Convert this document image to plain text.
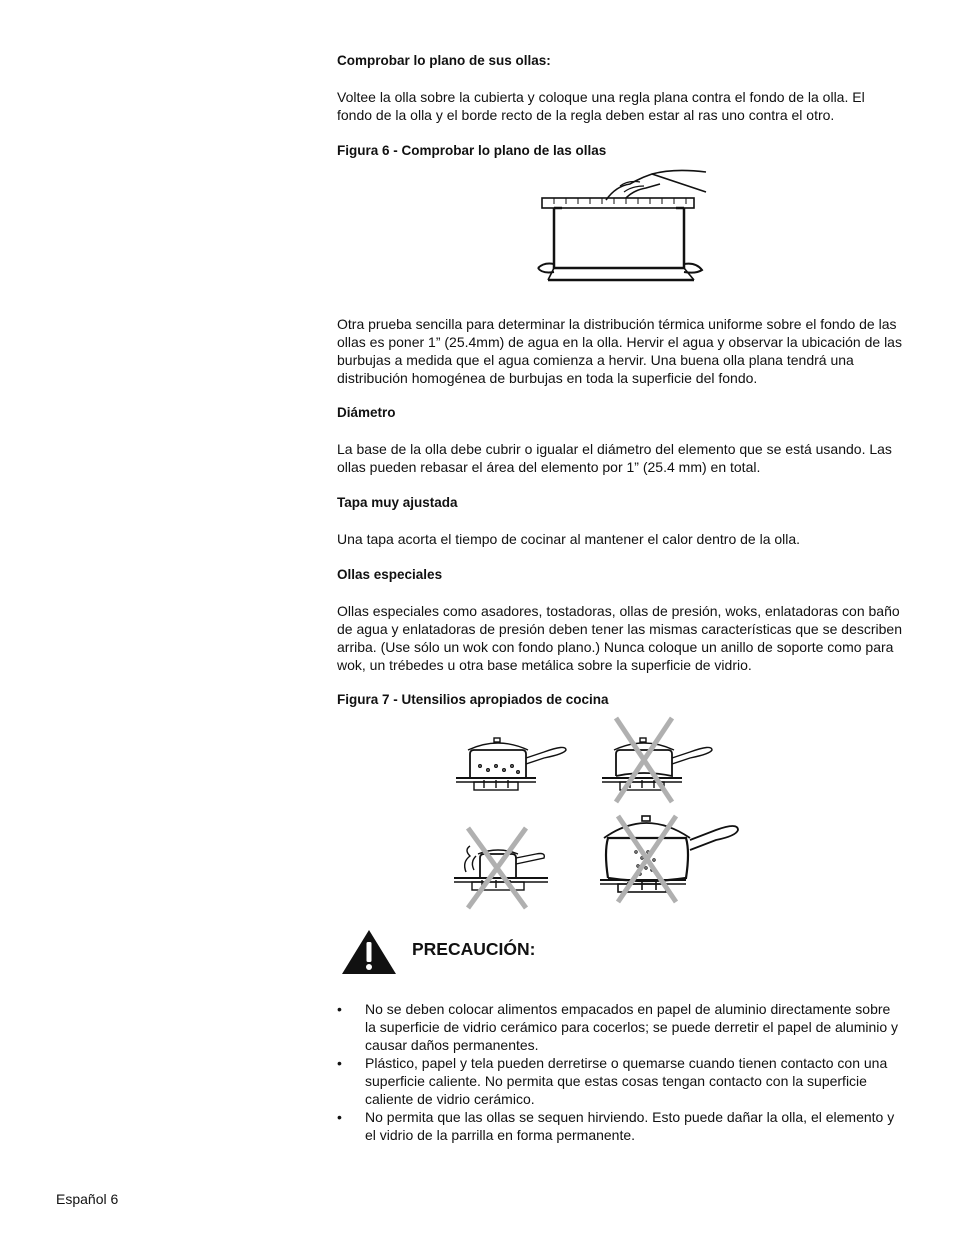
Comprobar lo plano de sus ollas:

Voltee la olla sobre la cubierta y coloque una regla plana contra el fondo de la olla. El fondo de la olla y el borde recto de la regla deben estar al ras uno contra el otro.

Figura 6 - Comprobar lo plano de las ollas

Otra prueba sencilla para determinar la distribución térmica uniforme sobre el fondo de las ollas es poner 1” (25.4mm) de agua en la olla. Hervir el agua y observar la ubicación de las burbujas a medida que el agua comienza a hervir. Una buena olla plana tendrá una distribución homogénea de burbujas en toda la superficie del fondo.

Diámetro

La base de la olla debe cubrir o igualar el diámetro del elemento que se está usando. Las ollas pueden rebasar el área del elemento por 1” (25.4 mm) en total.

Tapa muy ajustada

Una tapa acorta el tiempo de cocinar al mantener el calor dentro de la olla.

Ollas especiales

Ollas especiales como asadores, tostadoras, ollas de presión, woks, enlatadoras con baño de agua y enlatadoras de presión deben tener las mismas características que se describen arriba. (Use sólo un wok con fondo plano.) Nunca coloque un anillo de soporte como para wok, un trébedes u otra base metálica sobre la superficie de vidrio.

Figura 7 - Utensilios apropiados de cocina
PRECAUCIÓN:
• No se deben colocar alimentos empacados en papel de aluminio directamente sobre la superficie de vidrio cerámico para cocerlos; se puede derretir el papel de aluminio y causar daños permanentes.
• Plástico, papel y tela pueden derretirse o quemarse cuando tienen contacto con una superficie caliente. No permita que estas cosas tengan contacto con la superficie caliente de vidrio cerámico.
• No permita que las ollas se sequen hirviendo. Esto puede dañar la olla, el elemento y el vidrio de la parrilla en forma permanente.
Español 6
